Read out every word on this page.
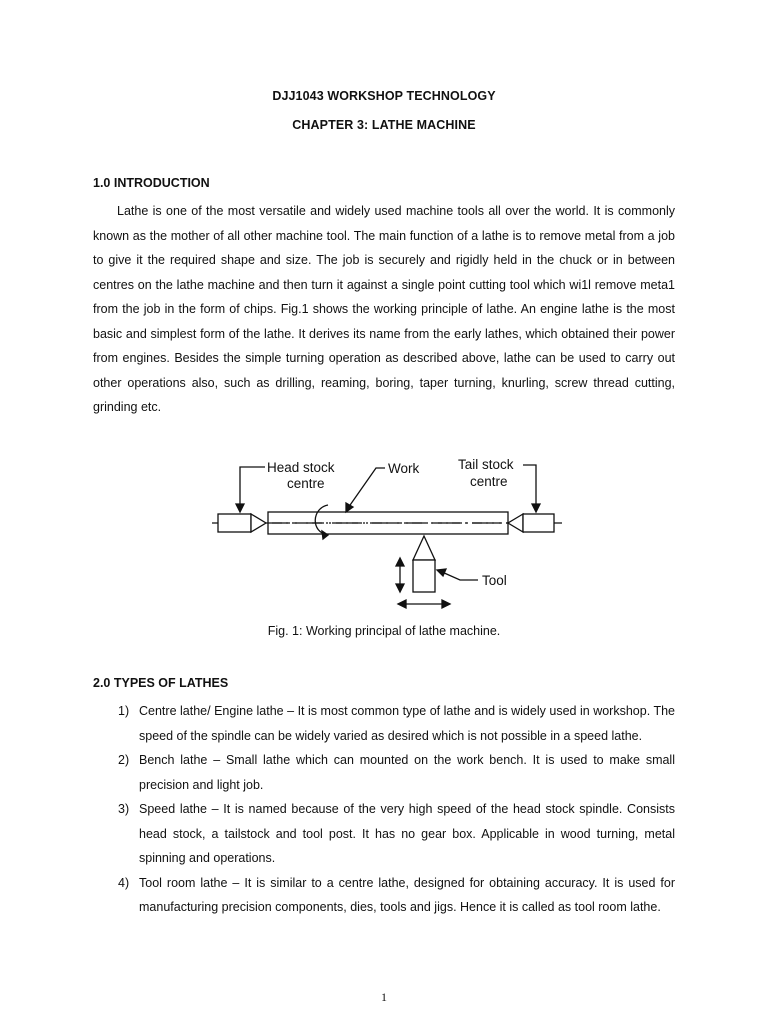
DJJ1043 WORKSHOP TECHNOLOGY
CHAPTER 3: LATHE MACHINE
1.0 INTRODUCTION

Lathe is one of the most versatile and widely used machine tools all over the world. It is commonly known as the mother of all other machine tool. The main function of a lathe is to remove metal from a job to give it the required shape and size. The job is securely and rigidly held in the chuck or in between centres on the lathe machine and then turn it against a single point cutting tool which wi1l remove meta1 from the job in the form of chips. Fig.1 shows the working principle of lathe. An engine lathe is the most basic and simplest form of the lathe. It derives its name from the early lathes, which obtained their power from engines. Besides the simple turning operation as described above, lathe can be used to carry out other operations also, such as drilling, reaming, boring, taper turning, knurling, screw thread cutting, grinding etc.

Head stock
centre
Work	Tail stock
centre
Tool
Fig. 1: Working principal of lathe machine.
2.0 TYPES OF LATHES
1) Centre lathe/ Engine lathe – It is most common type of lathe and is widely used in workshop. The speed of the spindle can be widely varied as desired which is not possible in a speed lathe.
2) Bench lathe – Small lathe which can mounted on the work bench. It is used to make small precision and light job.
3) Speed lathe – It is named because of the very high speed of the head stock spindle. Consists head stock, a tailstock and tool post. It has no gear box. Applicable in wood turning, metal spinning and operations.
4) Tool room lathe – It is similar to a centre lathe, designed for obtaining accuracy. It is used for manufacturing precision components, dies, tools and jigs. Hence it is called as tool room lathe.
1
